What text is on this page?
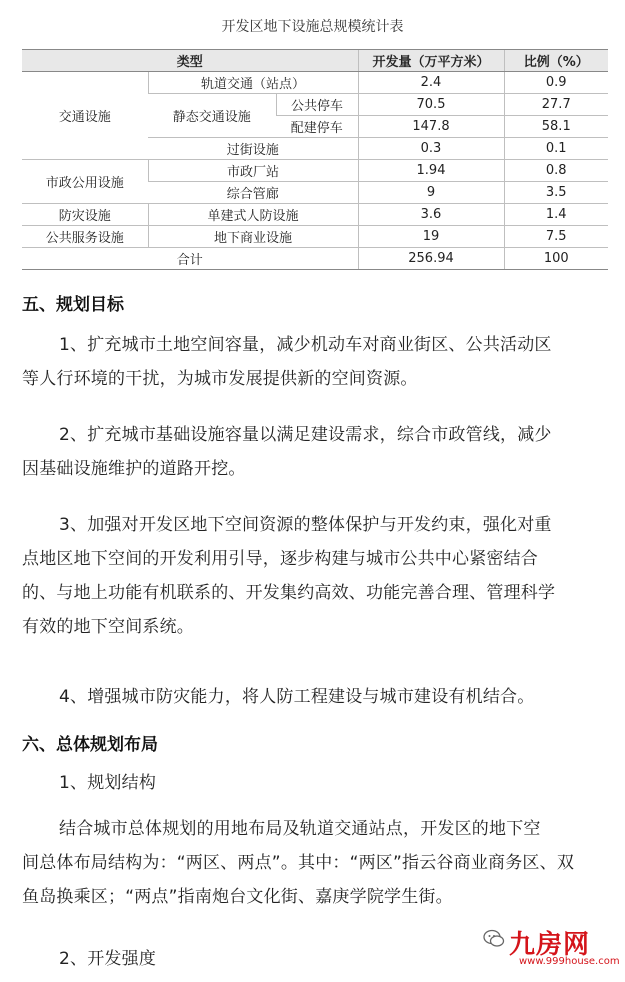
开发区地下设施总规模统计表
类型			开发量（万平方米）	比例（%）
交通设施	轨道交通（站点）		2.4	0.9
	静态交通设施	公共停车	70.5	27.7
		配建停车	147.8	58.1
	过街设施		0.3	0.1
市政公用设施	市政厂站		1.94	0.8
	综合管廊		9	3.5
防灾设施	单建式人防设施		3.6	1.4
公共服务设施	地下商业设施		19	7.5
合计			256.94	100
五、规划目标
1、扩充城市土地空间容量，减少机动车对商业街区、公共活动区
等人行环境的干扰，为城市发展提供新的空间资源。
2、扩充城市基础设施容量以满足建设需求，综合市政管线，减少
因基础设施维护的道路开挖。
3、加强对开发区地下空间资源的整体保护与开发约束，强化对重
点地区地下空间的开发利用引导，逐步构建与城市公共中心紧密结合
的、与地上功能有机联系的、开发集约高效、功能完善合理、管理科学
有效的地下空间系统。
4、增强城市防灾能力，将人防工程建设与城市建设有机结合。
六、总体规划布局
1、规划结构
结合城市总体规划的用地布局及轨道交通站点，开发区的地下空
间总体布局结构为：“两区、两点”。其中：“两区”指云谷商业商务区、双
鱼岛换乘区；“两点”指南炮台文化街、嘉庚学院学生街。
2、开发强度	九房网
www.999house.com
